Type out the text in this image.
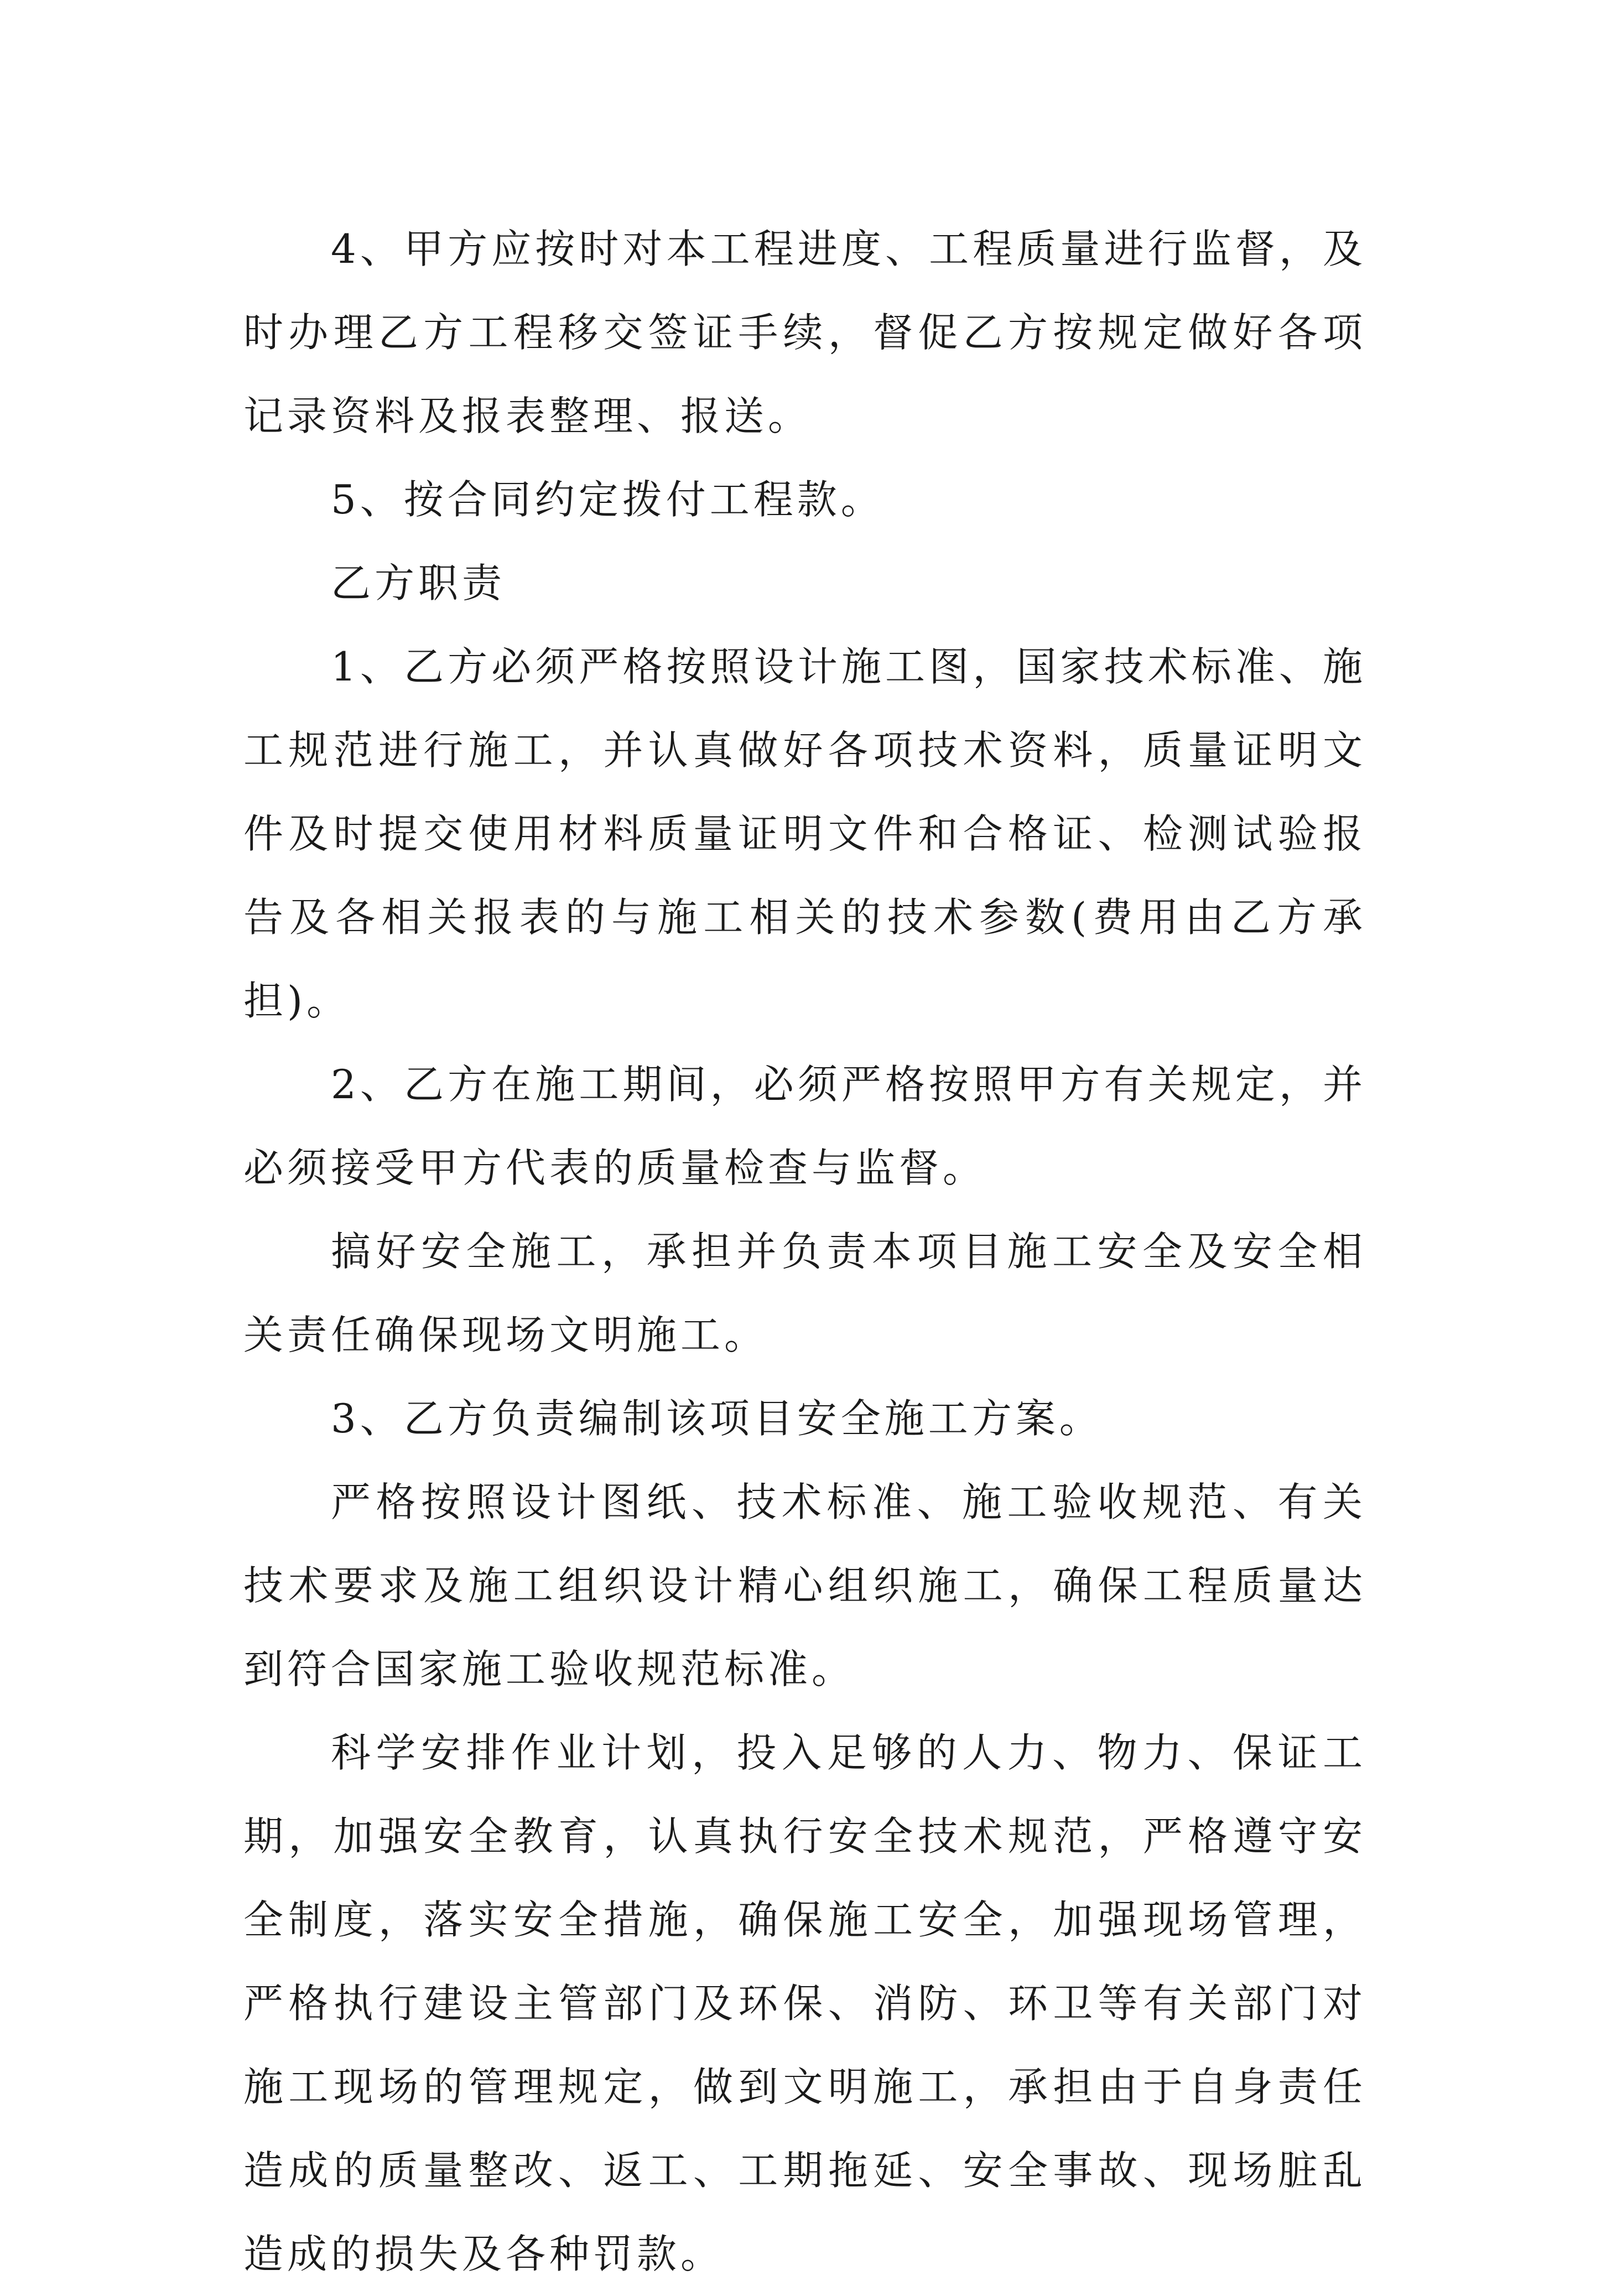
4、甲方应按时对本工程进度、工程质量进行监督，及时办理乙方工程移交签证手续，督促乙方按规定做好各项记录资料及报表整理、报送。

5、按合同约定拨付工程款。

乙方职责

1、乙方必须严格按照设计施工图，国家技术标准、施工规范进行施工，并认真做好各项技术资料，质量证明文件及时提交使用材料质量证明文件和合格证、检测试验报告及各相关报表的与施工相关的技术参数(费用由乙方承担)。

2、乙方在施工期间，必须严格按照甲方有关规定，并必须接受甲方代表的质量检查与监督。

搞好安全施工，承担并负责本项目施工安全及安全相关责任确保现场文明施工。

3、乙方负责编制该项目安全施工方案。

严格按照设计图纸、技术标准、施工验收规范、有关技术要求及施工组织设计精心组织施工，确保工程质量达到符合国家施工验收规范标准。

科学安排作业计划，投入足够的人力、物力、保证工期，加强安全教育，认真执行安全技术规范，严格遵守安全制度，落实安全措施，确保施工安全，加强现场管理，严格执行建设主管部门及环保、消防、环卫等有关部门对施工现场的管理规定，做到文明施工，承担由于自身责任造成的质量整改、返工、工期拖延、安全事故、现场脏乱造成的损失及各种罚款。
